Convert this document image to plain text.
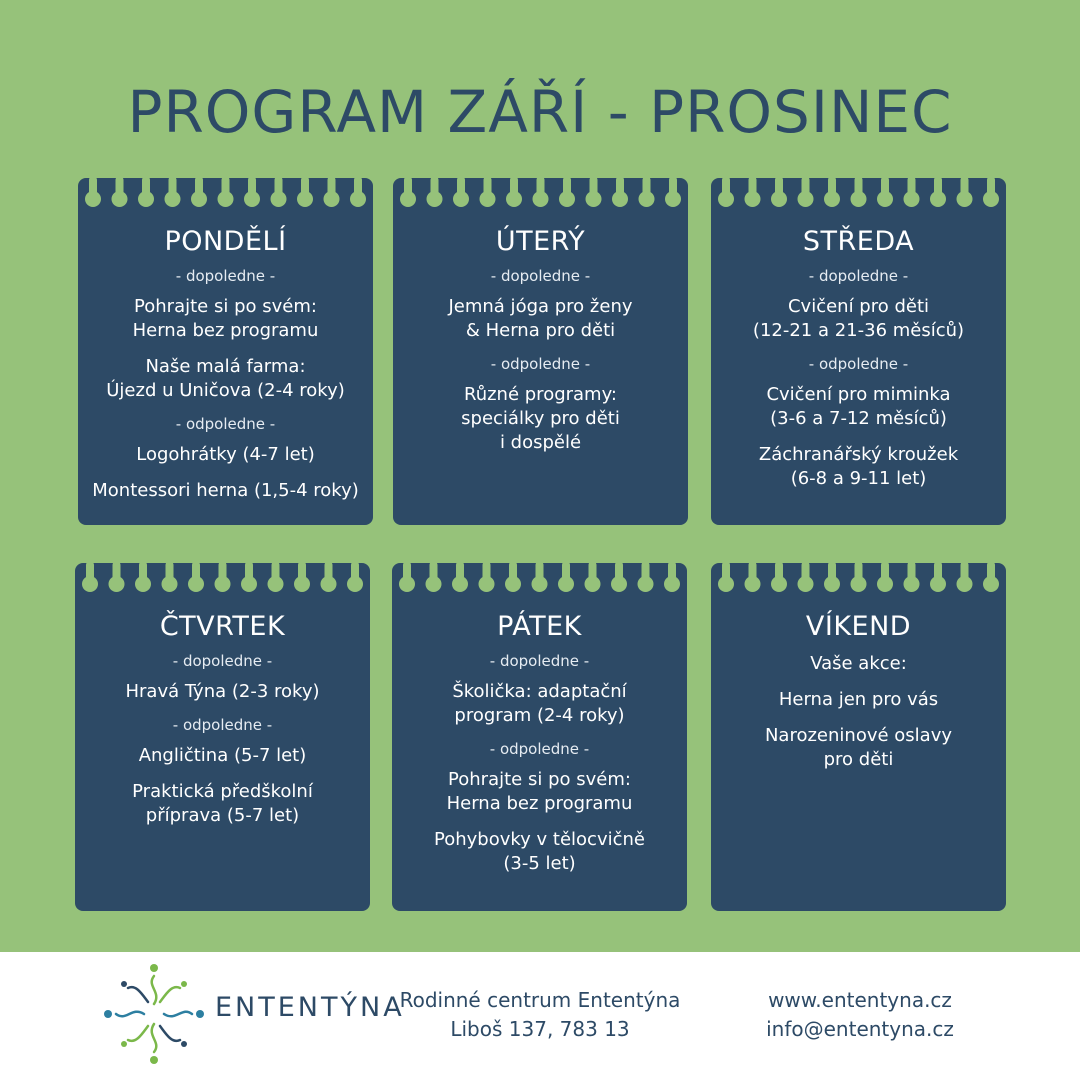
PROGRAM ZÁŘÍ - PROSINEC
PONDĚLÍ
- dopoledne -
Pohrajte si po svém:
Herna bez programu
Naše malá farma:
Újezd u Uničova (2-4 roky)
- odpoledne -
Logohrátky (4-7 let)
Montessori herna (1,5-4 roky)
ÚTERÝ
- dopoledne -
Jemná jóga pro ženy
& Herna pro děti
- odpoledne -
Různé programy:
speciálky pro děti
i dospělé
STŘEDA
- dopoledne -
Cvičení pro děti
(12-21 a 21-36 měsíců)
- odpoledne -
Cvičení pro miminka
(3-6 a 7-12 měsíců)
Záchranářský kroužek
(6-8 a 9-11 let)
ČTVRTEK
- dopoledne -
Hravá Týna (2-3 roky)
- odpoledne -
Angličtina (5-7 let)
Praktická předškolní
příprava (5-7 let)
PÁTEK
- dopoledne -
Školička: adaptační
program (2-4 roky)
- odpoledne -
Pohrajte si po svém:
Herna bez programu
Pohybovky v tělocvičně
(3-5 let)
VÍKEND
Vaše akce:
Herna jen pro vás
Narozeninové oslavy
pro děti
ENTENTÝNA
Rodinné centrum Ententýna
Liboš 137, 783 13
www.ententyna.cz
info@ententyna.cz
